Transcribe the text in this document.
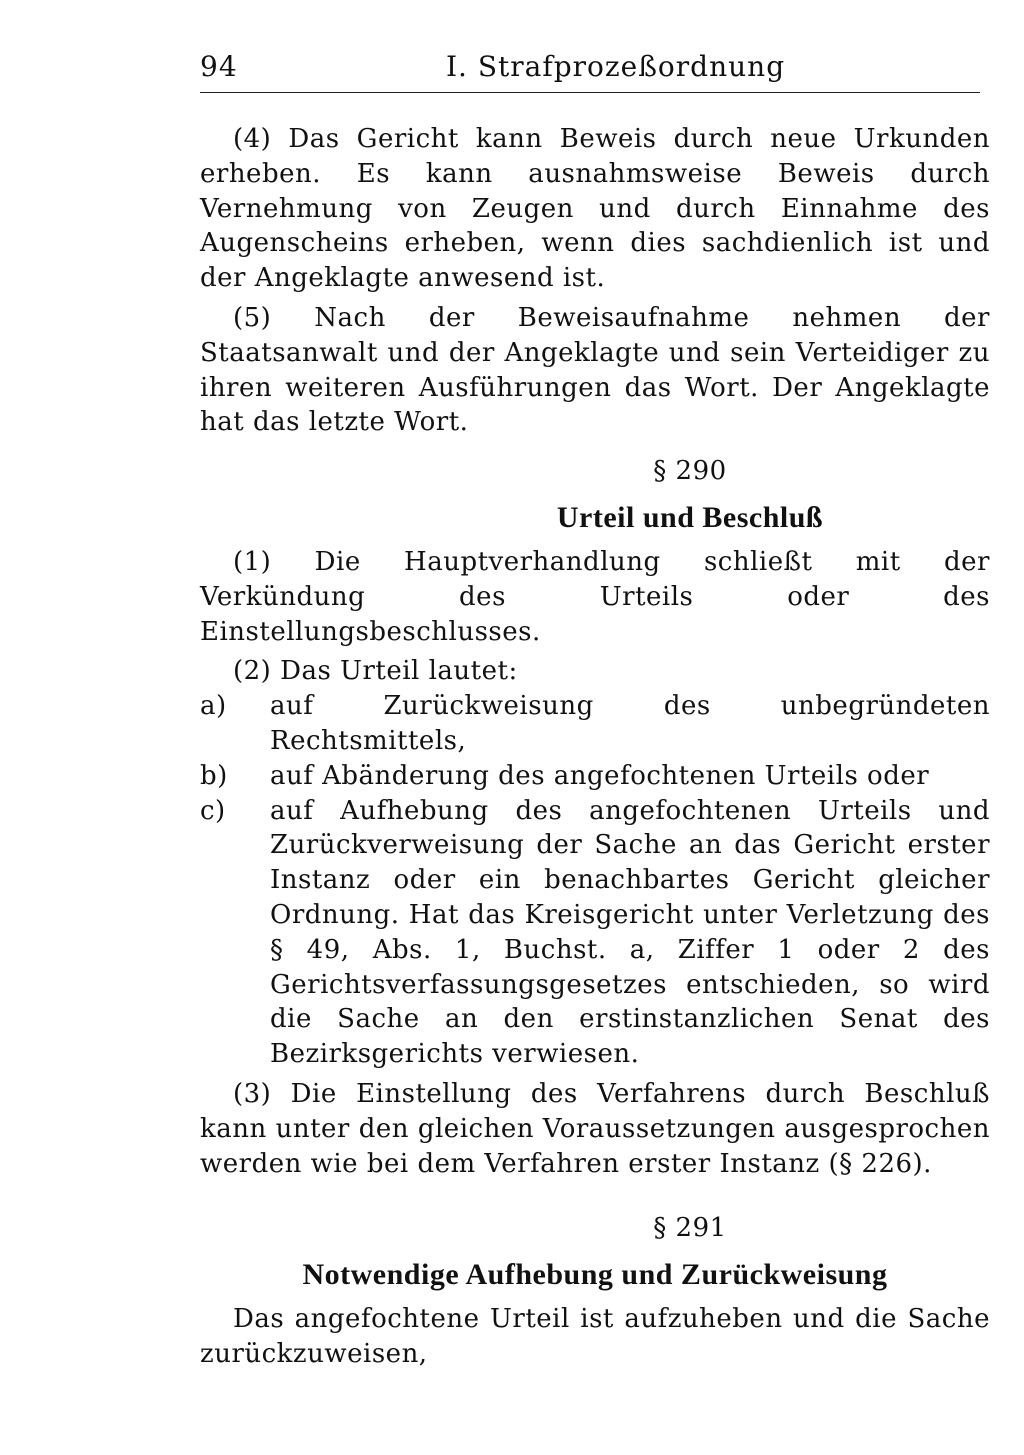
94	I. Strafprozeßordnung

(4) Das Gericht kann Beweis durch neue Urkunden erheben. Es kann ausnahmsweise Beweis durch Vernehmung von Zeugen und durch Einnahme des Augenscheins erheben, wenn dies sachdienlich ist und der Angeklagte anwesend ist.

(5) Nach der Beweisaufnahme nehmen der Staatsanwalt und der Angeklagte und sein Verteidiger zu ihren weiteren Ausführungen das Wort. Der Angeklagte hat das letzte Wort.

§ 290

Urteil und Beschluß

(1) Die Hauptverhandlung schließt mit der Verkündung des Urteils oder des Einstellungsbeschlusses.

(2) Das Urteil lautet:

a) auf Zurückweisung des unbegründeten Rechtsmittels,
b) auf Abänderung des angefochtenen Urteils oder
c) auf Aufhebung des angefochtenen Urteils und Zurückverweisung der Sache an das Gericht erster Instanz oder ein benachbartes Gericht gleicher Ordnung. Hat das Kreisgericht unter Verletzung des § 49, Abs. 1, Buchst. a, Ziffer 1 oder 2 des Gerichtsverfassungsgesetzes entschieden, so wird die Sache an den erstinstanzlichen Senat des Bezirksgerichts verwiesen.

(3) Die Einstellung des Verfahrens durch Beschluß kann unter den gleichen Voraussetzungen ausgesprochen werden wie bei dem Verfahren erster Instanz (§ 226).

§ 291

Notwendige Aufhebung und Zurückweisung

Das angefochtene Urteil ist aufzuheben und die Sache zurückzuweisen,
